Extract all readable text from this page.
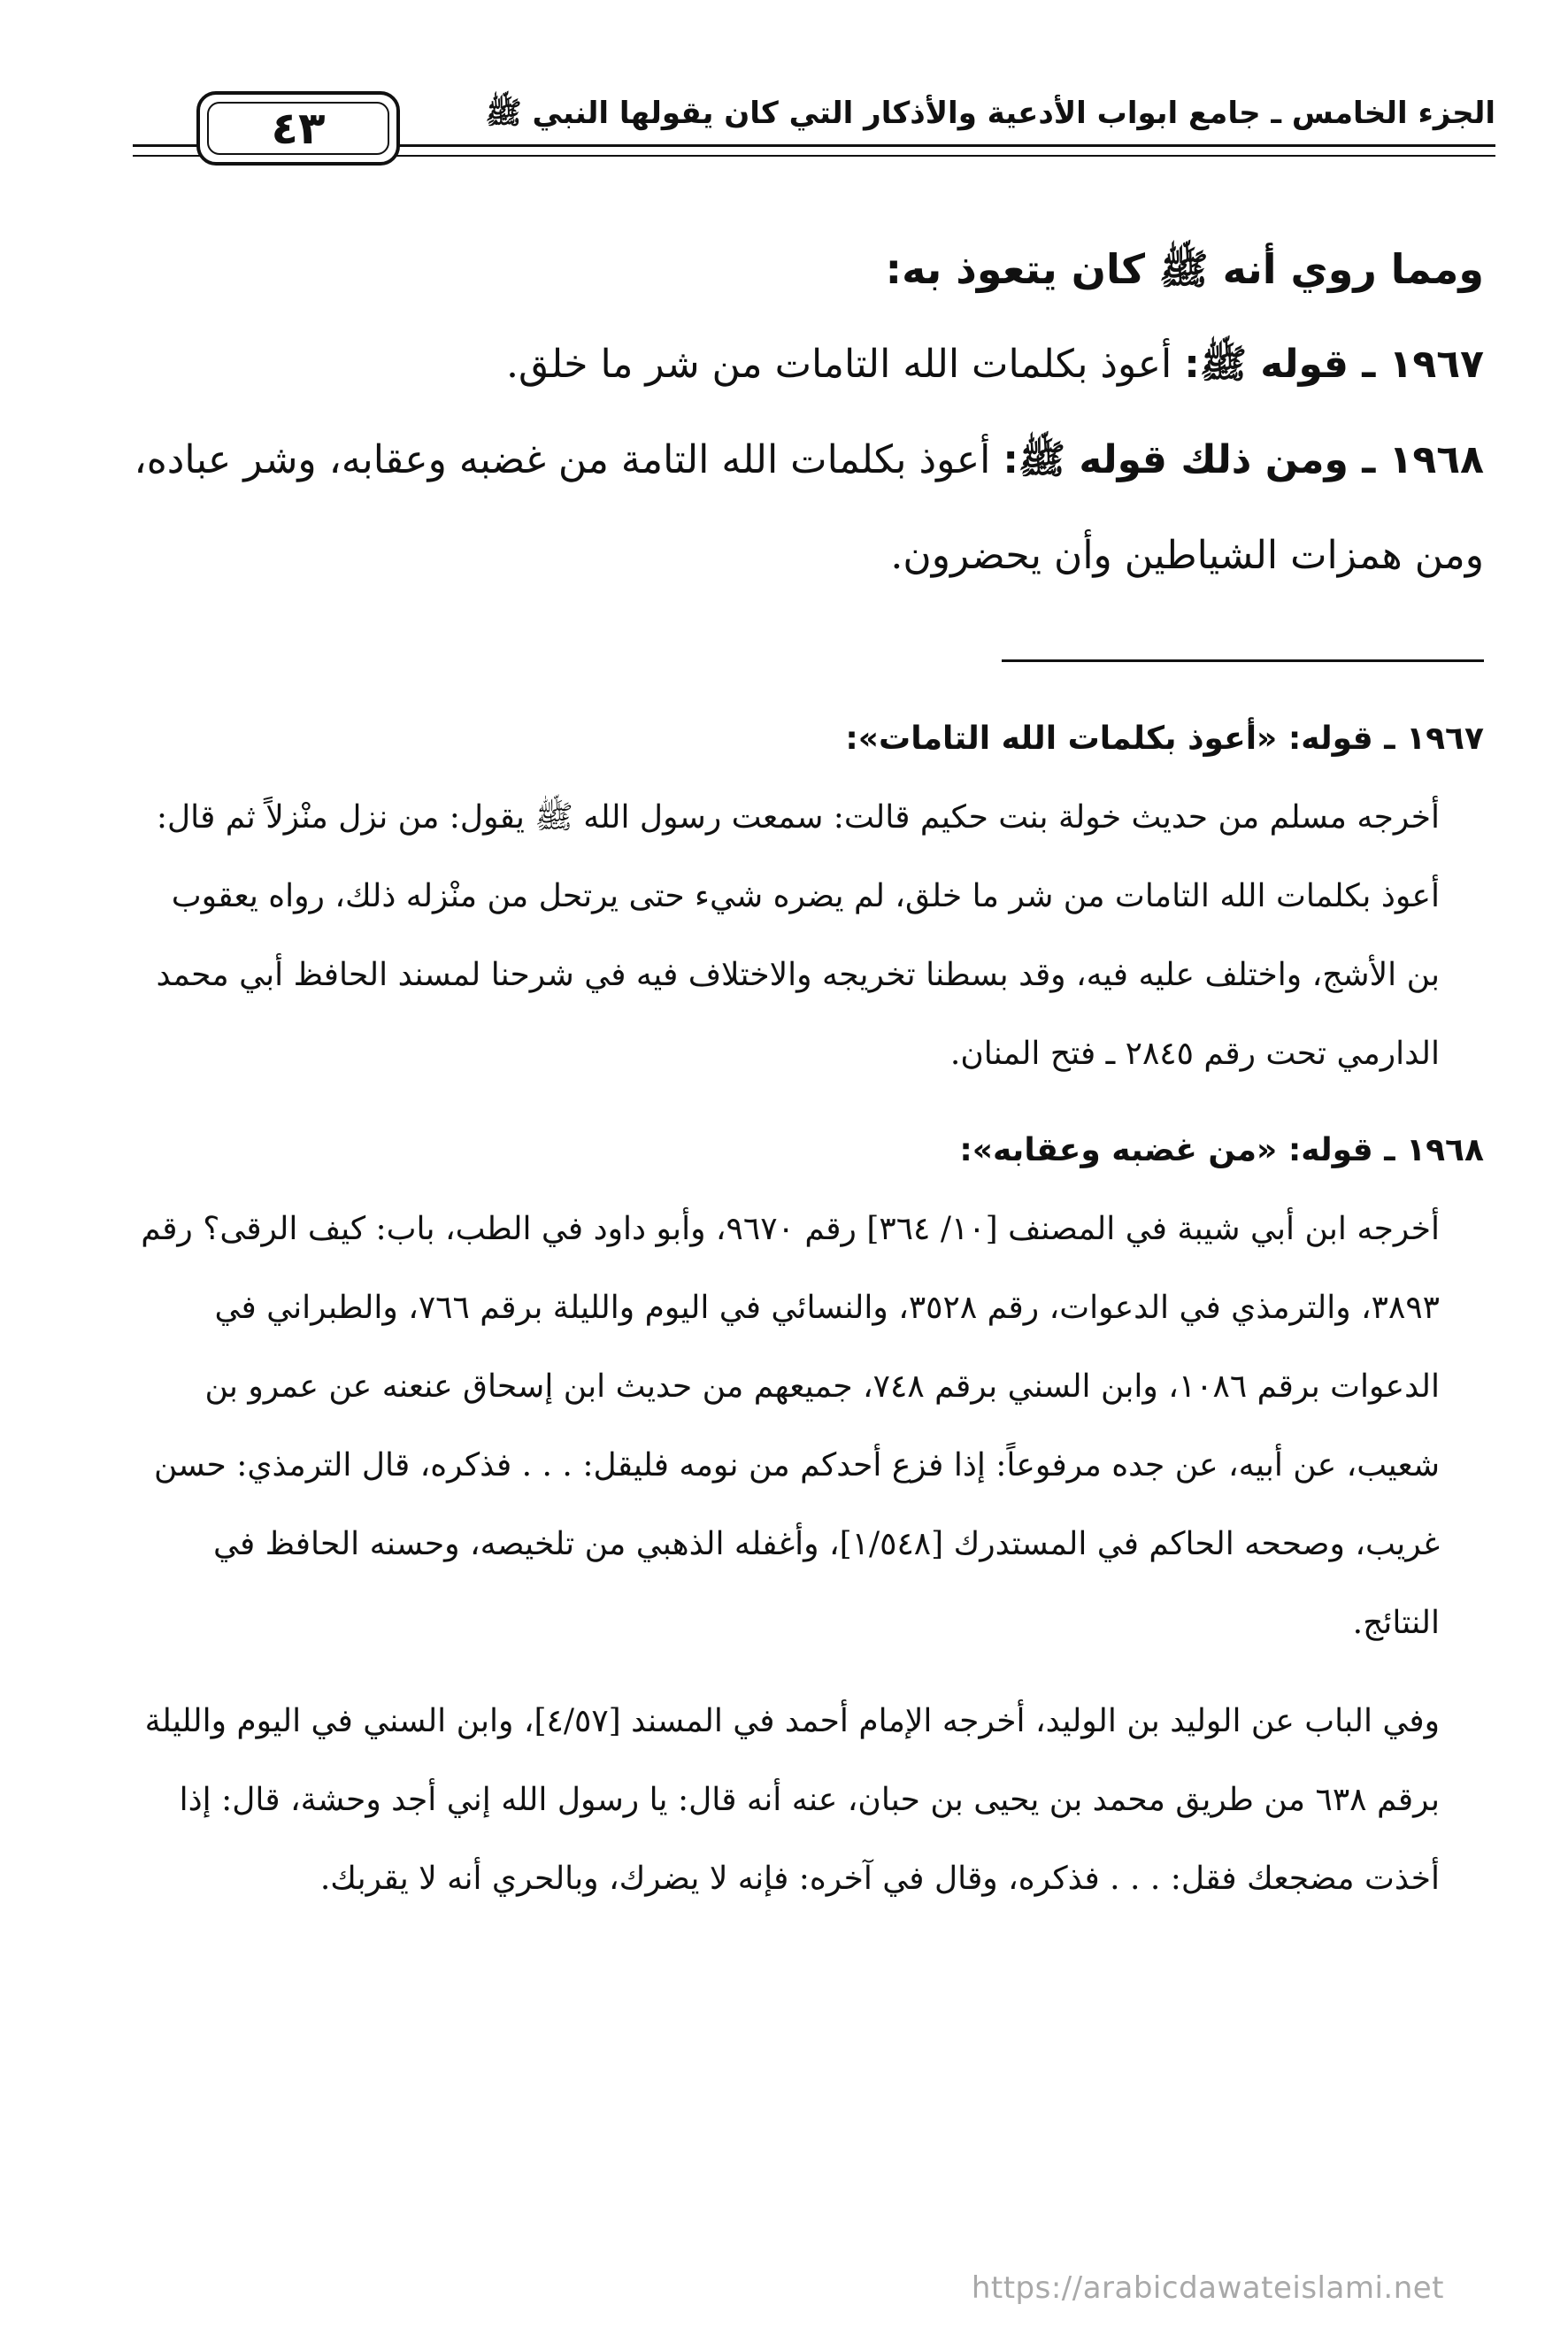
الجزء الخامس ـ جامع ابواب الأدعية والأذكار التي كان يقولها النبي ﷺ
٤٣

ومما روي أنه ﷺ كان يتعوذ به:

١٩٦٧ ـ قوله ﷺ: أعوذ بكلمات الله التامات من شر ما خلق.

١٩٦٨ ـ ومن ذلك قوله ﷺ: أعوذ بكلمات الله التامة من غضبه وعقابه، وشر عباده، ومن همزات الشياطين وأن يحضرون.

١٩٦٧ ـ قوله: «أعوذ بكلمات الله التامات»:

أخرجه مسلم من حديث خولة بنت حكيم قالت: سمعت رسول الله ﷺ يقول: من نزل منْزلاً ثم قال: أعوذ بكلمات الله التامات من شر ما خلق، لم يضره شيء حتى يرتحل من منْزله ذلك، رواه يعقوب بن الأشج، واختلف عليه فيه، وقد بسطنا تخريجه والاختلاف فيه في شرحنا لمسند الحافظ أبي محمد الدارمي تحت رقم ٢٨٤٥ ـ فتح المنان.

١٩٦٨ ـ قوله: «من غضبه وعقابه»:

أخرجه ابن أبي شيبة في المصنف [١٠/ ٣٦٤] رقم ٩٦٧٠، وأبو داود في الطب، باب: كيف الرقى؟ رقم ٣٨٩٣، والترمذي في الدعوات، رقم ٣٥٢٨، والنسائي في اليوم والليلة برقم ٧٦٦، والطبراني في الدعوات برقم ١٠٨٦، وابن السني برقم ٧٤٨، جميعهم من حديث ابن إسحاق عنعنه عن عمرو بن شعيب، عن أبيه، عن جده مرفوعاً: إذا فزع أحدكم من نومه فليقل: . . . فذكره، قال الترمذي: حسن غريب، وصححه الحاكم في المستدرك [١/٥٤٨]، وأغفله الذهبي من تلخيصه، وحسنه الحافظ في النتائج.

وفي الباب عن الوليد بن الوليد، أخرجه الإمام أحمد في المسند [٤/٥٧]، وابن السني في اليوم والليلة برقم ٦٣٨ من طريق محمد بن يحيى بن حبان، عنه أنه قال: يا رسول الله إني أجد وحشة، قال: إذا أخذت مضجعك فقل: . . . فذكره، وقال في آخره: فإنه لا يضرك، وبالحري أنه لا يقربك.

https://arabicdawateislami.net
